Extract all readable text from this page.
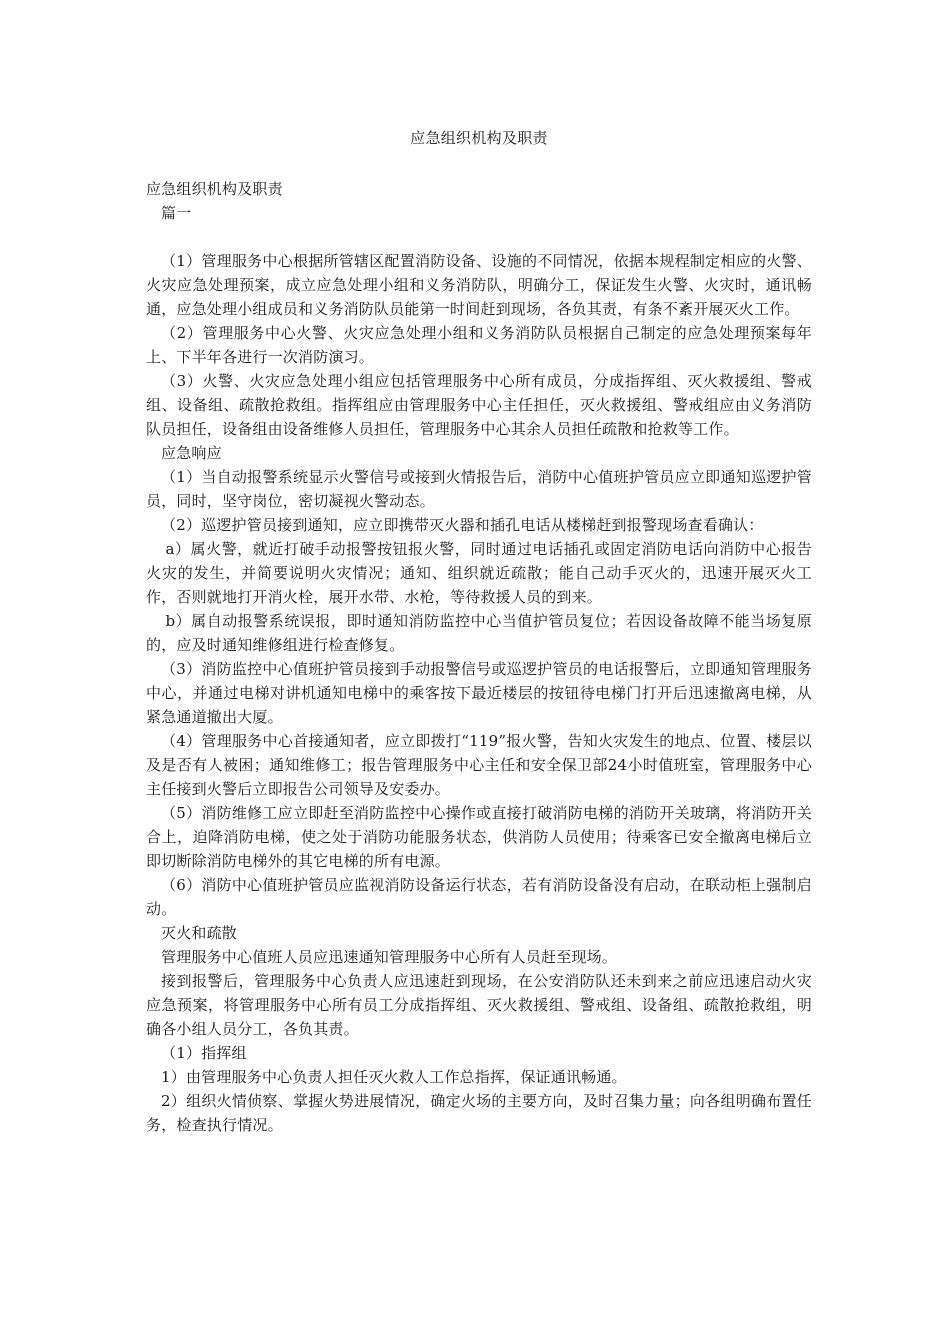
应急组织机构及职责

应急组织机构及职责

篇一

（1）管理服务中心根据所管辖区配置消防设备、设施的不同情况，依据本规程制定相应的火警、火灾应急处理预案，成立应急处理小组和义务消防队，明确分工，保证发生火警、火灾时，通讯畅通，应急处理小组成员和义务消防队员能第一时间赶到现场，各负其责，有条不紊开展灭火工作。

（2）管理服务中心火警、火灾应急处理小组和义务消防队员根据自己制定的应急处理预案每年上、下半年各进行一次消防演习。

（3）火警、火灾应急处理小组应包括管理服务中心所有成员，分成指挥组、灭火救援组、警戒组、设备组、疏散抢救组。指挥组应由管理服务中心主任担任，灭火救援组、警戒组应由义务消防队员担任，设备组由设备维修人员担任，管理服务中心其余人员担任疏散和抢救等工作。

应急响应

（1）当自动报警系统显示火警信号或接到火情报告后，消防中心值班护管员应立即通知巡逻护管员，同时，坚守岗位，密切凝视火警动态。

（2）巡逻护管员接到通知，应立即携带灭火器和插孔电话从楼梯赶到报警现场查看确认：

a）属火警，就近打破手动报警按钮报火警，同时通过电话插孔或固定消防电话向消防中心报告火灾的发生，并简要说明火灾情况；通知、组织就近疏散；能自己动手灭火的，迅速开展灭火工作，否则就地打开消火栓，展开水带、水枪，等待救援人员的到来。

b）属自动报警系统误报，即时通知消防监控中心当值护管员复位；若因设备故障不能当场复原的，应及时通知维修组进行检查修复。

（3）消防监控中心值班护管员接到手动报警信号或巡逻护管员的电话报警后，立即通知管理服务中心，并通过电梯对讲机通知电梯中的乘客按下最近楼层的按钮待电梯门打开后迅速撤离电梯，从紧急通道撤出大厦。

（4）管理服务中心首接通知者，应立即拨打“119”报火警，告知火灾发生的地点、位置、楼层以及是否有人被困；通知维修工；报告管理服务中心主任和安全保卫部24小时值班室，管理服务中心主任接到火警后立即报告公司领导及安委办。

（5）消防维修工应立即赶至消防监控中心操作或直接打破消防电梯的消防开关玻璃，将消防开关合上，迫降消防电梯，使之处于消防功能服务状态，供消防人员使用；待乘客已安全撤离电梯后立即切断除消防电梯外的其它电梯的所有电源。

（6）消防中心值班护管员应监视消防设备运行状态，若有消防设备没有启动，在联动柜上强制启动。

灭火和疏散

管理服务中心值班人员应迅速通知管理服务中心所有人员赶至现场。

接到报警后，管理服务中心负责人应迅速赶到现场，在公安消防队还未到来之前应迅速启动火灾应急预案，将管理服务中心所有员工分成指挥组、灭火救援组、警戒组、设备组、疏散抢救组，明确各小组人员分工，各负其责。

（1）指挥组

1）由管理服务中心负责人担任灭火救人工作总指挥，保证通讯畅通。

2）组织火情侦察、掌握火势进展情况，确定火场的主要方向，及时召集力量；向各组明确布置任务，检查执行情况。
